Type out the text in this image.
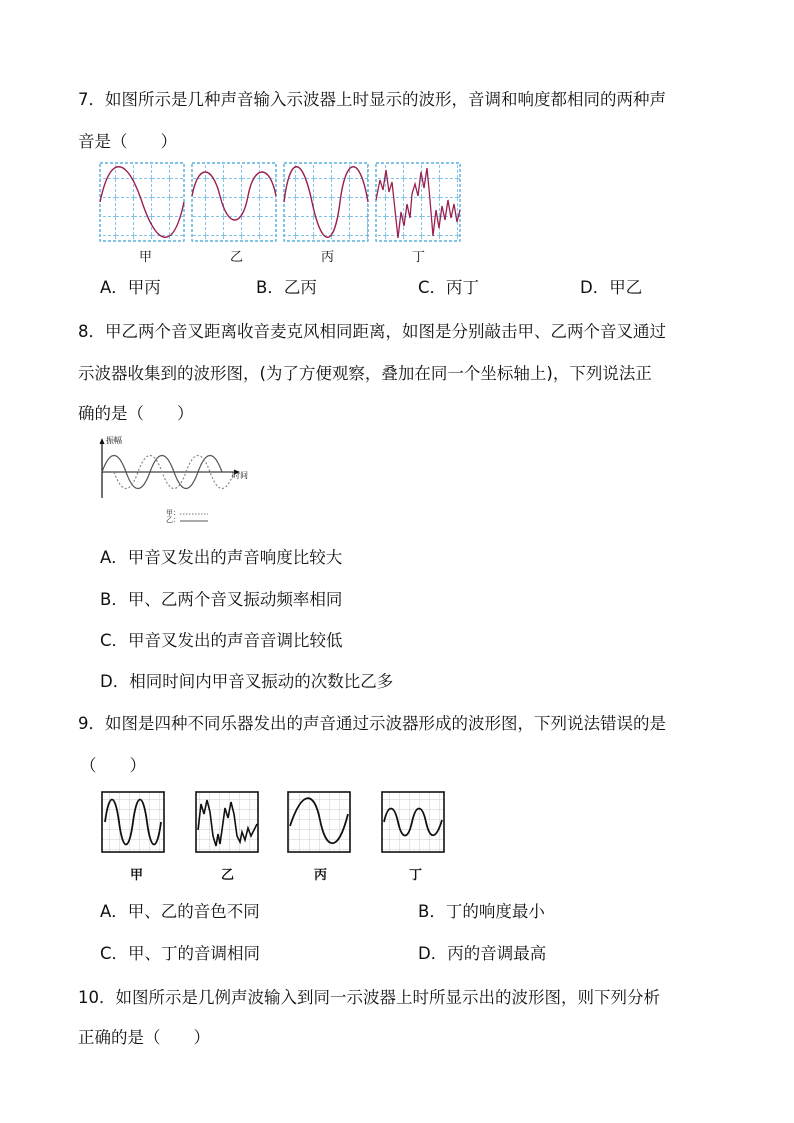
7．如图所示是几种声音输入示波器上时显示的波形，音调和响度都相同的两种声
音是（　　）
甲	乙	丙	丁
A．甲丙	B．乙丙	C．丙丁	D．甲乙
8．甲乙两个音叉距离收音麦克风相同距离，如图是分别敲击甲、乙两个音叉通过
示波器收集到的波形图，(为了方便观察，叠加在同一个坐标轴上)，下列说法正
确的是（　　）
振幅
时间
甲：
乙：
A．甲音叉发出的声音响度比较大
B．甲、乙两个音叉振动频率相同
C．甲音叉发出的声音音调比较低
D．相同时间内甲音叉振动的次数比乙多
9．如图是四种不同乐器发出的声音通过示波器形成的波形图，下列说法错误的是
（　　）
甲	乙	丙	丁
A．甲、乙的音色不同	B．丁的响度最小
C．甲、丁的音调相同	D．丙的音调最高
10．如图所示是几例声波输入到同一示波器上时所显示出的波形图，则下列分析
正确的是（　　）
